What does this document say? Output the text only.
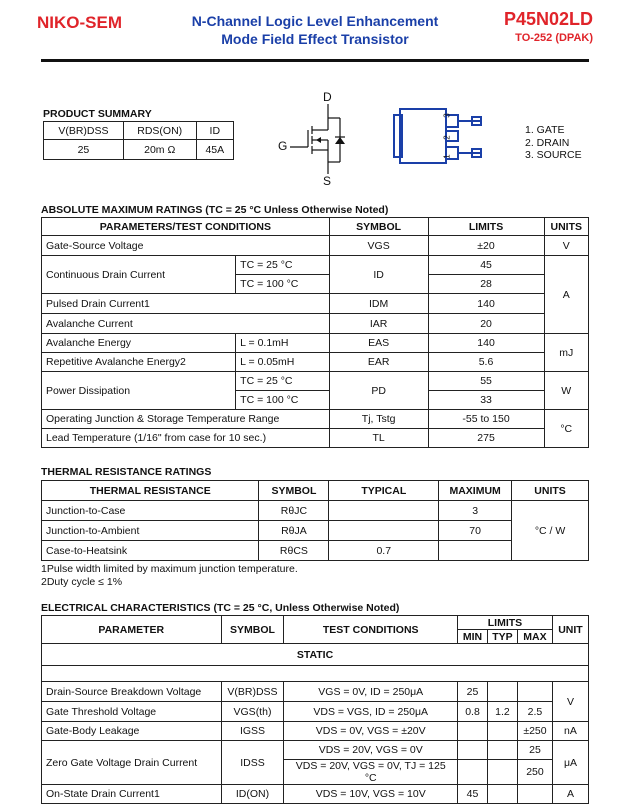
NIKO-SEM	N-Channel Logic Level Enhancement
Mode Field Effect Transistor
P45N02LD
TO-252 (DPAK)
PRODUCT SUMMARY
V(BR)DSS	RDS(ON)	ID
25	20m Ω	45A
D
G
S
3
2
1
1. GATE
2. DRAIN
3. SOURCE
ABSOLUTE MAXIMUM RATINGS (TC = 25 °C Unless Otherwise Noted)
PARAMETERS/TEST CONDITIONS		SYMBOL	LIMITS	UNITS
Gate-Source Voltage		VGS	±20	V
Continuous Drain Current	TC = 25 °C	ID	45	A
	TC = 100 °C		28	
Pulsed Drain Current1		IDM	140	
Avalanche Current		IAR	20	
Avalanche Energy	L = 0.1mH	EAS	140	mJ
Repetitive Avalanche Energy2	L = 0.05mH	EAR	5.6	
Power Dissipation	TC = 25 °C	PD	55	W
	TC = 100 °C		33	
Operating Junction & Storage Temperature Range		Tj, Tstg	-55 to 150	°C
Lead Temperature (1/16" from case for 10 sec.)		TL	275	
THERMAL RESISTANCE RATINGS
THERMAL RESISTANCE	SYMBOL	TYPICAL	MAXIMUM	UNITS
Junction-to-Case	RθJC		3	°C / W
Junction-to-Ambient	RθJA		70	
Case-to-Heatsink	RθCS	0.7		
1Pulse width limited by maximum junction temperature.
2Duty cycle ≤ 1%
ELECTRICAL CHARACTERISTICS (TC = 25 °C, Unless Otherwise Noted)
PARAMETER	SYMBOL	TEST CONDITIONS	LIMITS			UNIT
			MIN	TYP	MAX	
STATIC						

Drain-Source Breakdown Voltage	V(BR)DSS	VGS = 0V, ID = 250μA	25			V
Gate Threshold Voltage	VGS(th)	VDS = VGS, ID = 250μA	0.8	1.2	2.5	
Gate-Body Leakage	IGSS	VDS = 0V, VGS = ±20V			±250	nA
Zero Gate Voltage Drain Current	IDSS	VDS = 20V, VGS = 0V			25	μA
		VDS = 20V, VGS = 0V, TJ = 125 °C			250	
On-State Drain Current1	ID(ON)	VDS = 10V, VGS = 10V	45			A
